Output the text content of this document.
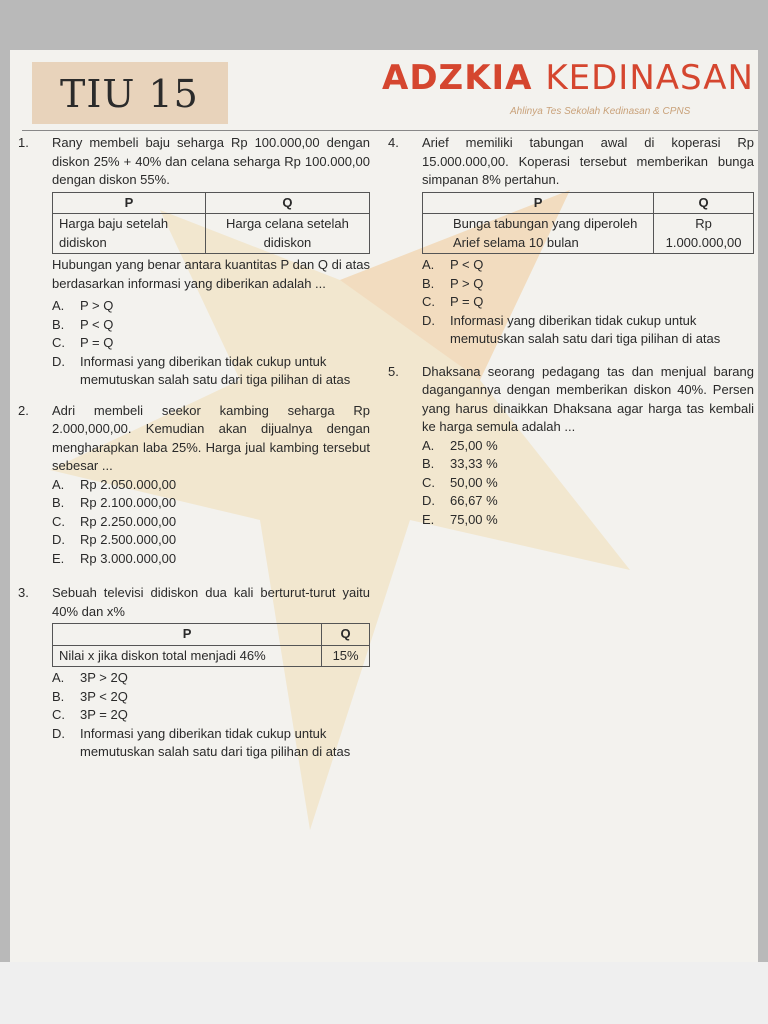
TIU 15	ADZKIA KEDINASAN
Ahlinya Tes Sekolah Kedinasan & CPNS
1. Rany membeli baju seharga Rp 100.000,00 dengan diskon 25% + 40% dan celana seharga Rp 100.000,00 dengan diskon 55%.

P	Q
Harga baju setelah didiskon	Harga celana setelah didiskon

Hubungan yang benar antara kuantitas P dan Q di atas berdasarkan informasi yang diberikan adalah ...

A. P > Q
B. P < Q
C. P = Q
D. Informasi yang diberikan tidak cukup untuk memutuskan salah satu dari tiga pilihan di atas
2. Adri membeli seekor kambing seharga Rp 2.000,000,00. Kemudian akan dijualnya dengan mengharapkan laba 25%. Harga jual kambing tersebut sebesar ...

A. Rp 2.050.000,00
B. Rp 2.100.000,00
C. Rp 2.250.000,00
D. Rp 2.500.000,00
E. Rp 3.000.000,00
3. Sebuah televisi didiskon dua kali berturut-turut yaitu 40% dan x%

P	Q
Nilai x jika diskon total menjadi 46%	15%
A. 3P > 2Q
B. 3P < 2Q
C. 3P = 2Q
D. Informasi yang diberikan tidak cukup untuk memutuskan salah satu dari tiga pilihan di atas
4. Arief memiliki tabungan awal di koperasi Rp 15.000.000,00. Koperasi tersebut memberikan bunga simpanan 8% pertahun.

P	Q
Bunga tabungan yang diperoleh Arief selama 10 bulan	Rp 1.000.000,00
A. P < Q
B. P > Q
C. P = Q
D. Informasi yang diberikan tidak cukup untuk memutuskan salah satu dari tiga pilihan di atas
5. Dhaksana seorang pedagang tas dan menjual barang dagangannya dengan memberikan diskon 40%. Persen yang harus dinaikkan Dhaksana agar harga tas kembali ke harga semula adalah ...

A. 25,00 %
B. 33,33 %
C. 50,00 %
D. 66,67 %
E. 75,00 %
